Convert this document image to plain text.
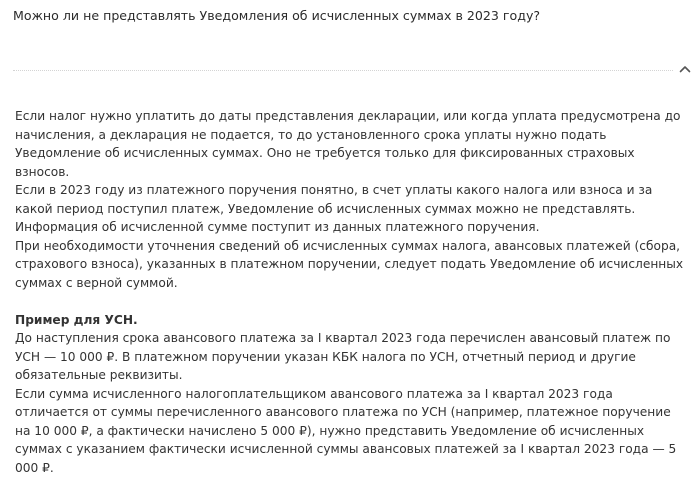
Можно ли не представлять Уведомления об исчисленных суммах в 2023 году?

Если налог нужно уплатить до даты представления декларации, или когда уплата предусмотрена до начисления, а декларация не подается, то до установленного срока уплаты нужно подать Уведомление об исчисленных суммах. Оно не требуется только для фиксированных страховых взносов.

Если в 2023 году из платежного поручения понятно, в счет уплаты какого налога или взноса и за какой период поступил платеж, Уведомление об исчисленных суммах можно не представлять. Информация об исчисленной сумме поступит из данных платежного поручения.

При необходимости уточнения сведений об исчисленных суммах налога, авансовых платежей (сбора, страхового взноса), указанных в платежном поручении, следует подать Уведомление об исчисленных суммах с верной суммой.

Пример для УСН.

До наступления срока авансового платежа за I квартал 2023 года перечислен авансовый платеж по УСН — 10 000 ₽. В платежном поручении указан КБК налога по УСН, отчетный период и другие обязательные реквизиты.

Если сумма исчисленного налогоплательщиком авансового платежа за I квартал 2023 года отличается от суммы перечисленного авансового платежа по УСН (например, платежное поручение на 10 000 ₽, а фактически начислено 5 000 ₽), нужно представить Уведомление об исчисленных суммах с указанием фактически исчисленной суммы авансовых платежей за I квартал 2023 года — 5 000 ₽.
